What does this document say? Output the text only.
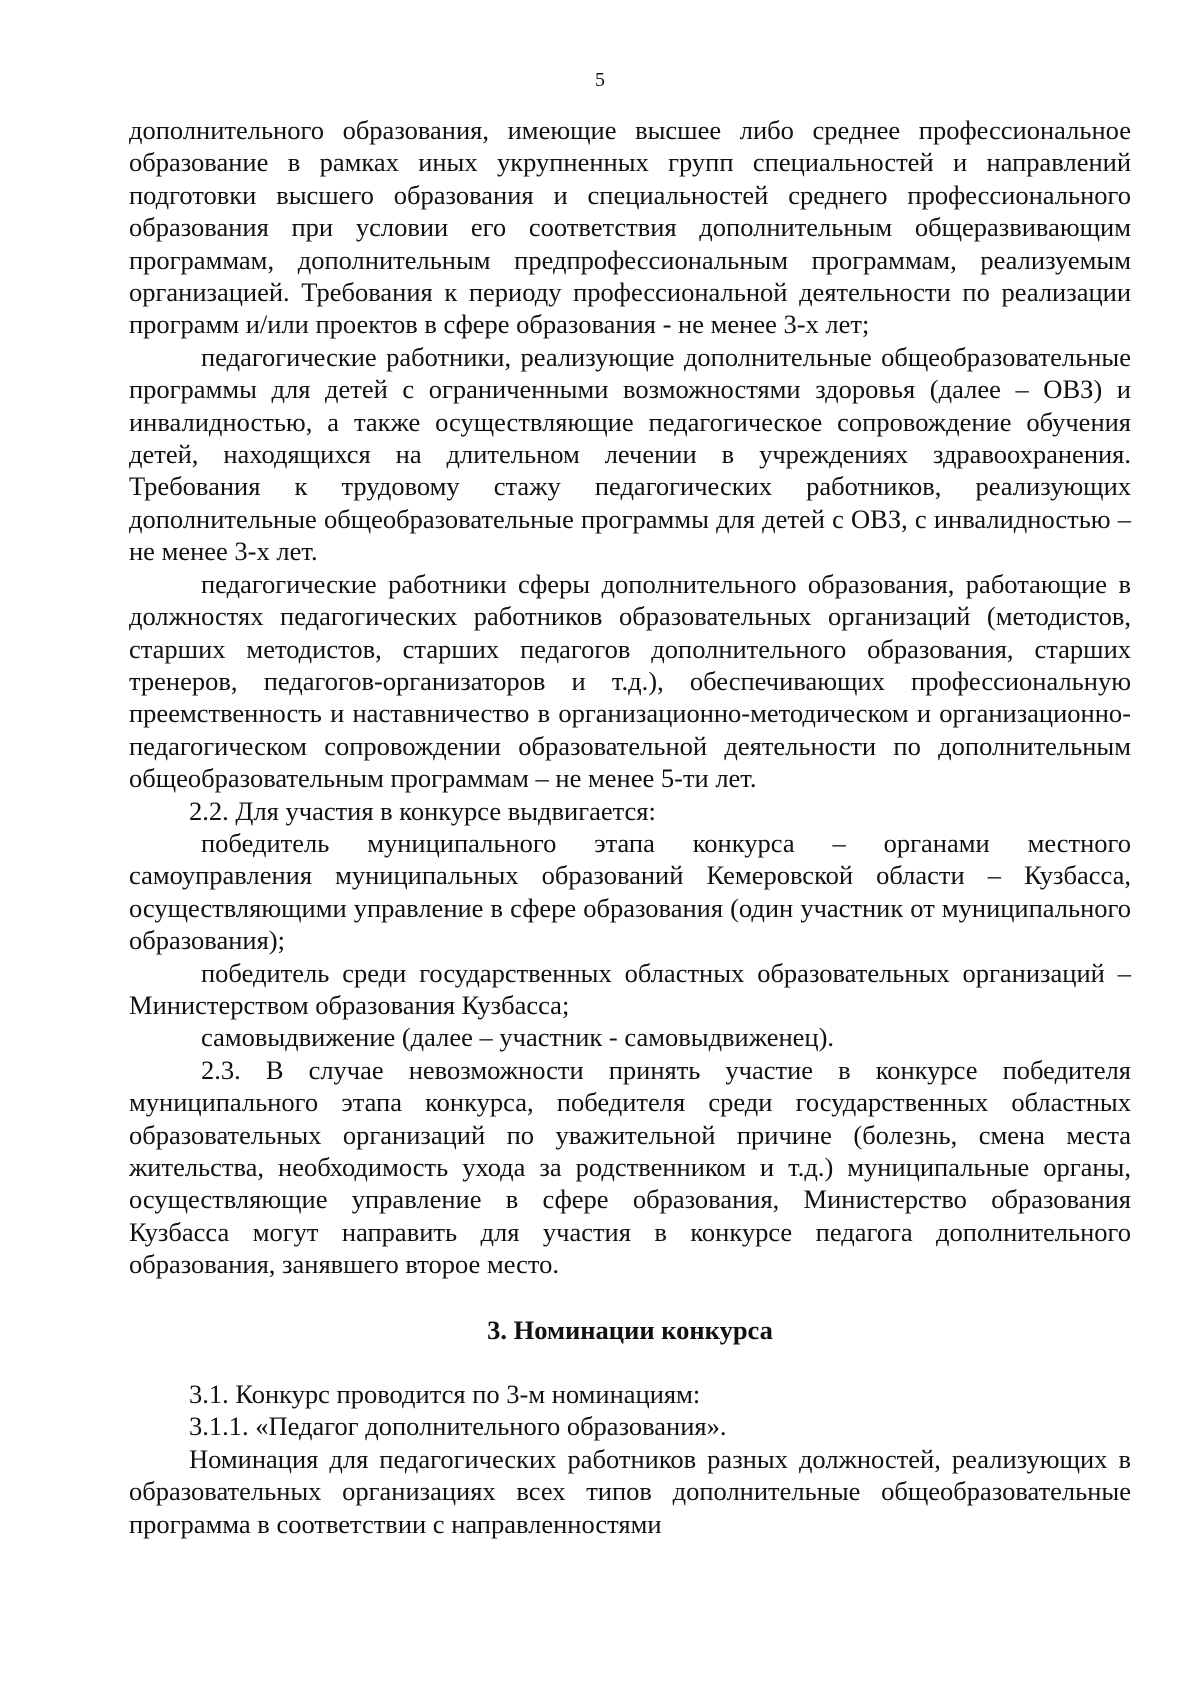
5

дополнительного образования, имеющие высшее либо среднее профессиональное образование в рамках иных укрупненных групп специальностей и направлений подготовки высшего образования и специальностей среднего профессионального образования при условии его соответствия дополнительным общеразвивающим программам, дополнительным предпрофессиональным программам, реализуемым организацией. Требования к периоду профессиональной деятельности по реализации программ и/или проектов в сфере образования - не менее 3-х лет;

педагогические работники, реализующие дополнительные общеобразовательные программы для детей с ограниченными возможностями здоровья (далее – ОВЗ) и инвалидностью, а также осуществляющие педагогическое сопровождение обучения детей, находящихся на длительном лечении в учреждениях здравоохранения. Требования к трудовому стажу педагогических работников, реализующих дополнительные общеобразовательные программы для детей с ОВЗ, с инвалидностью – не менее 3-х лет.

педагогические работники сферы дополнительного образования, работающие в должностях педагогических работников образовательных организаций (методистов, старших методистов, старших педагогов дополнительного образования, старших тренеров, педагогов-организаторов и т.д.), обеспечивающих профессиональную преемственность и наставничество в организационно-методическом и организационно-педагогическом сопровождении образовательной деятельности по дополнительным общеобразовательным программам – не менее 5-ти лет.

2.2. Для участия в конкурсе выдвигается:

победитель муниципального этапа конкурса – органами местного самоуправления муниципальных образований Кемеровской области – Кузбасса, осуществляющими управление в сфере образования (один участник от муниципального образования);

победитель среди государственных областных образовательных организаций – Министерством образования Кузбасса;

самовыдвижение (далее – участник - самовыдвиженец).

2.3. В случае невозможности принять участие в конкурсе победителя муниципального этапа конкурса, победителя среди государственных областных образовательных организаций по уважительной причине (болезнь, смена места жительства, необходимость ухода за родственником и т.д.) муниципальные органы, осуществляющие управление в сфере образования, Министерство образования Кузбасса могут направить для участия в конкурсе педагога дополнительного образования, занявшего второе место.

3. Номинации конкурса

3.1. Конкурс проводится по 3-м номинациям:

3.1.1. «Педагог дополнительного образования».

Номинация для педагогических работников разных должностей, реализующих в образовательных организациях всех типов дополнительные общеобразовательные программа в соответствии с направленностями
